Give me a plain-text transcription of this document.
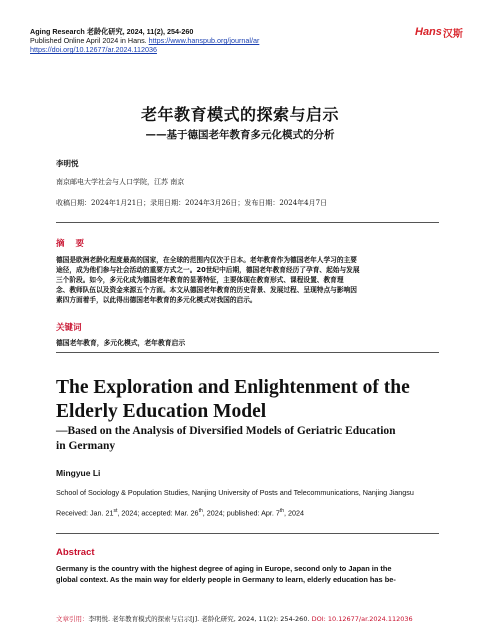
Aging Research 老龄化研究, 2024, 11(2), 254-260
Published Online April 2024 in Hans. https://www.hanspub.org/journal/ar
https://doi.org/10.12677/ar.2024.112036
Hans 汉斯
老年教育模式的探索与启示
——基于德国老年教育多元化模式的分析
李明悦
南京邮电大学社会与人口学院，江苏 南京
收稿日期：2024年1月21日；录用日期：2024年3月26日；发布日期：2024年4月7日
摘 要
德国是欧洲老龄化程度最高的国家，在全球的范围内仅次于日本。老年教育作为德国老年人学习的主要
途径，成为他们参与社会活动的重要方式之一。20世纪中后期，德国老年教育经历了孕育、起始与发展
三个阶段。如今，多元化成为德国老年教育的显著特征，主要体现在教育形式、课程设置、教育理
念、教师队伍以及资金来源五个方面。本文从德国老年教育的历史背景、发展过程、呈现特点与影响因
素四方面着手，以此得出德国老年教育的多元化模式对我国的启示。
关键词
德国老年教育，多元化模式，老年教育启示
The Exploration and Enlightenment of the
Elderly Education Model
—Based on the Analysis of Diversified Models of Geriatric Education
in Germany
Mingyue Li
School of Sociology & Population Studies, Nanjing University of Posts and Telecommunications, Nanjing Jiangsu
Received: Jan. 21st, 2024; accepted: Mar. 26th, 2024; published: Apr. 7th, 2024
Abstract
Germany is the country with the highest degree of aging in Europe, second only to Japan in the
global context. As the main way for elderly people in Germany to learn, elderly education has be-
文章引用：李明悦. 老年教育模式的探索与启示[J]. 老龄化研究, 2024, 11(2): 254-260. DOI: 10.12677/ar.2024.112036
